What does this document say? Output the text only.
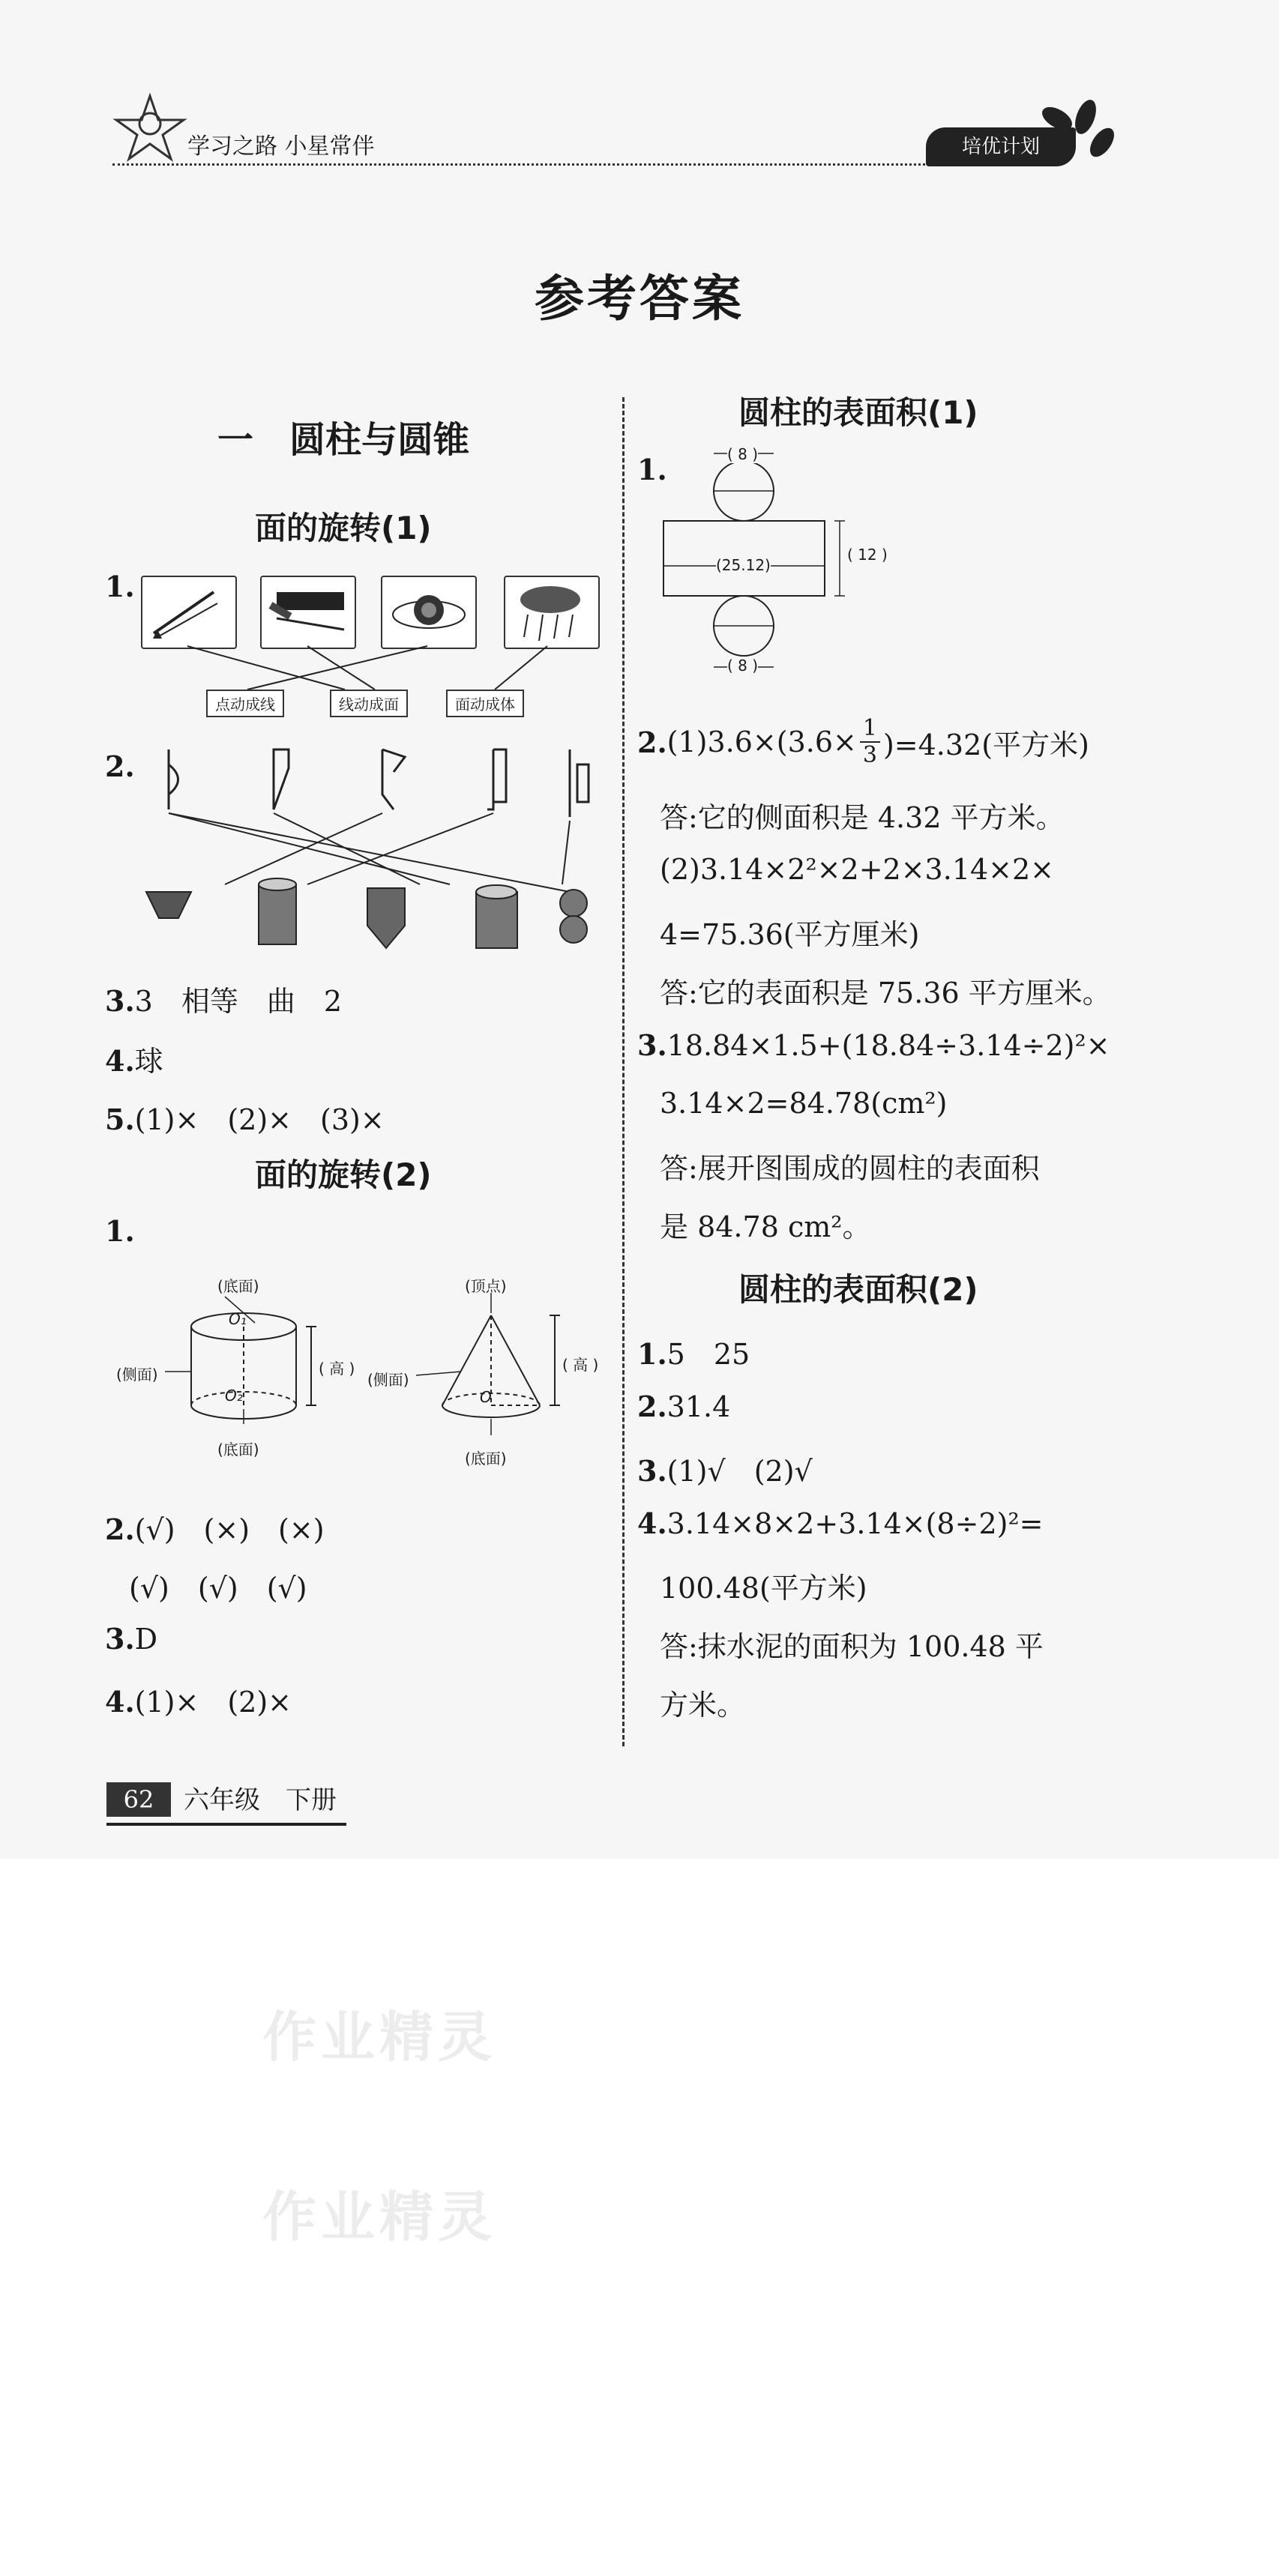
学习之路 小星常伴	培优计划
参考答案
一　圆柱与圆锥
面的旋转(1)
1.
点动成线	线动成面	面动成体
2.
3.3　相等　曲　2
4.球
5.(1)×　(2)×　(3)×
面的旋转(2)
1.
(底面)
O₁
(侧面)	( 高 )
O₂
(底面)
(顶点)
(侧面)
( 高 )
O
(底面)
2.(√)　(×)　(×)
(√)　(√)　(√)
3.D
4.(1)×　(2)×
圆柱的表面积(1)
1.	( 8 )
(25.12)
( 12 )
( 8 )
2. $(1)3.6\times(3.6\times \frac{1}{3} )=4.32$(平方米)
答:它的侧面积是 4.32 平方米。
(2)3.14×2²×2+2×3.14×2×
4=75.36(平方厘米)
答:它的表面积是 75.36 平方厘米。
3.18.84×1.5+(18.84÷3.14÷2)²×
3.14×2=84.78(cm²)
答:展开图围成的圆柱的表面积
是 84.78 cm²。
圆柱的表面积(2)
1.5　25
2.31.4
3.(1)√　(2)√
4.3.14×8×2+3.14×(8÷2)²=
100.48(平方米)
答:抹水泥的面积为 100.48 平
方米。
62	六年级　下册
作业精灵
作业精灵
